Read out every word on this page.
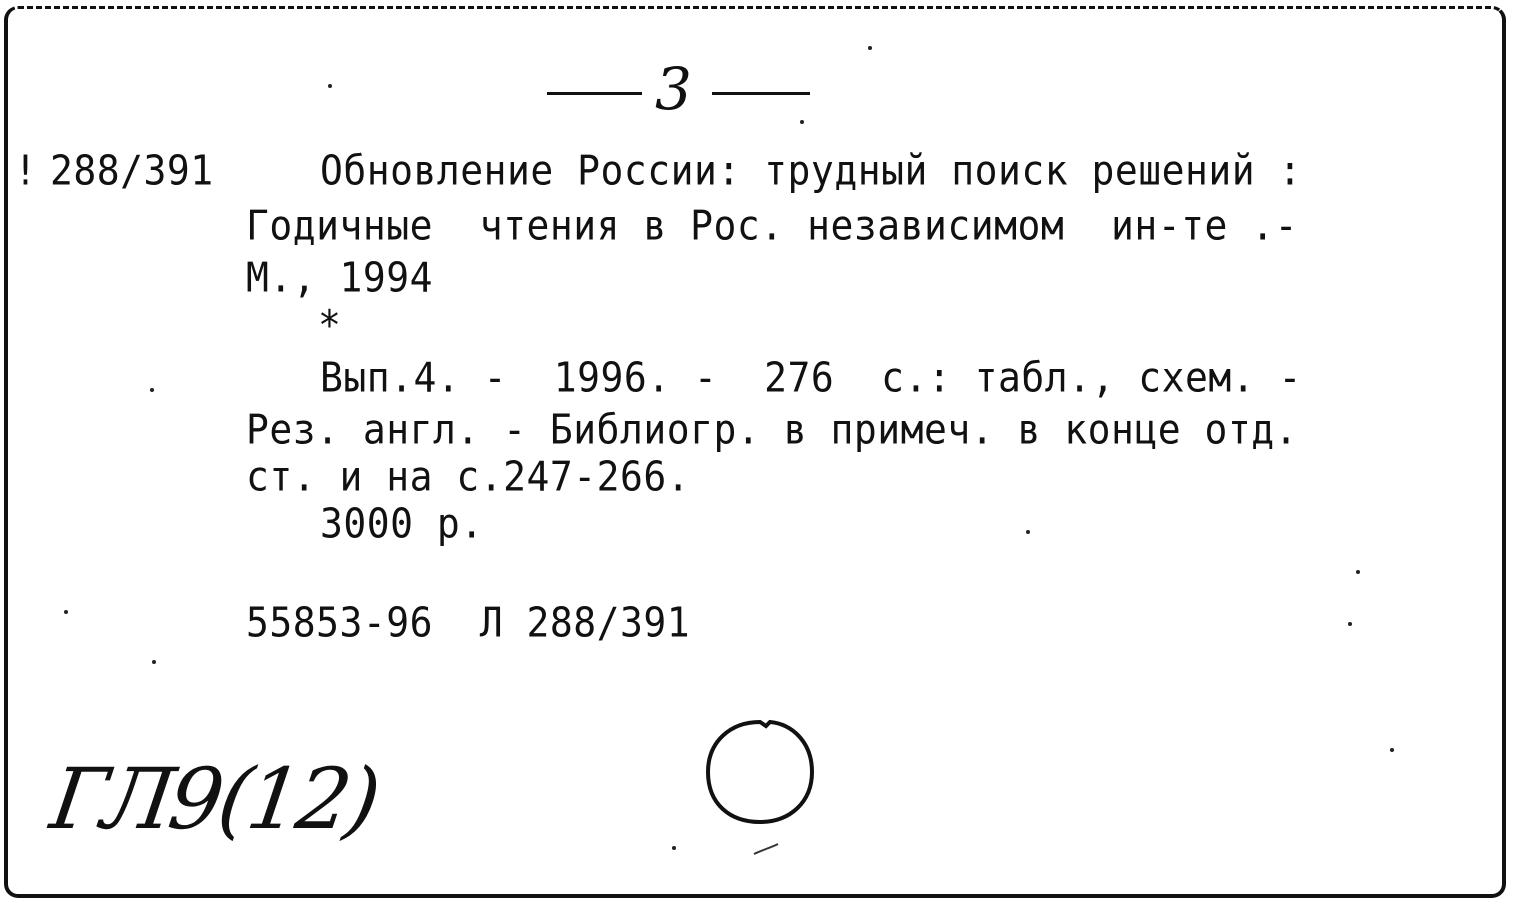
3
! 288/391	Обновление России: трудный поиск решений :
Годичные  чтения в Рос. независимом  ин-те .-
М., 1994
*
Вып.4. -  1996. -  276  с.: табл., схем. -
Рез. англ. - Библиогр. в примеч. в конце отд.
ст. и на с.247-266.
3000 р.
55853-96  Л 288/391
ГЛ9(12)
